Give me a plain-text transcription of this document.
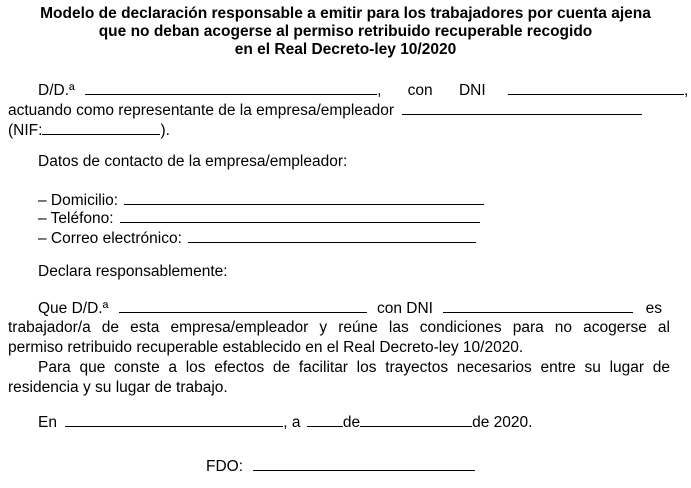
Modelo de declaración responsable a emitir para los trabajadores por cuenta ajena
que no deban acogerse al permiso retribuido recuperable recogido
en el Real Decreto-ley 10/2020
D/D.ª	, con DNI	,
actuando como representante de la empresa/empleador
(NIF:	).
Datos de contacto de la empresa/empleador:
– Domicilio:
– Teléfono:
– Correo electrónico:
Declara responsablemente:
Que D/D.ª	con DNI	es
trabajador/a de esta empresa/empleador y reúne las condiciones para no acogerse al
permiso retribuido recuperable establecido en el Real Decreto-ley 10/2020.
Para que conste a los efectos de facilitar los trayectos necesarios entre su lugar de
residencia y su lugar de trabajo.
En	, a	de	de 2020.
FDO:
